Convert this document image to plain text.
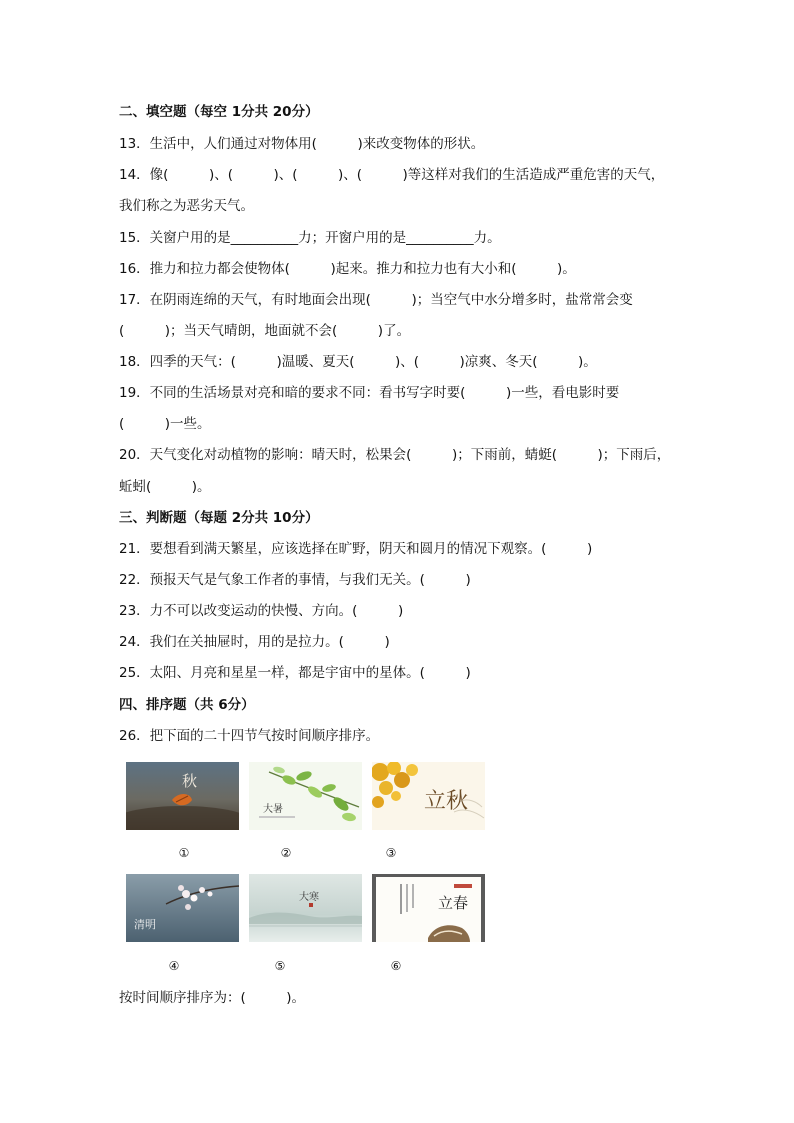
二、填空题（每空 1分共 20分）
13．生活中，人们通过对物体用(　　　)来改变物体的形状。
14．像(　　　)、(　　　)、(　　　)、(　　　)等这样对我们的生活造成严重危害的天气，
我们称之为恶劣天气。
15．关窗户用的是__________力；开窗户用的是__________力。
16．推力和拉力都会使物体(　　　)起来。推力和拉力也有大小和(　　　)。
17．在阴雨连绵的天气，有时地面会出现(　　　)；当空气中水分增多时，盐常常会变
(　　　)；当天气晴朗，地面就不会(　　　)了。
18．四季的天气：(　　　)温暖、夏天(　　　)、(　　　)凉爽、冬天(　　　)。
19．不同的生活场景对亮和暗的要求不同：看书写字时要(　　　)一些，看电影时要
(　　　)一些。
20．天气变化对动植物的影响：晴天时，松果会(　　　)；下雨前，蜻蜓(　　　)；下雨后，
蚯蚓(　　　)。
三、判断题（每题 2分共 10分）
21．要想看到满天繁星，应该选择在旷野，阴天和圆月的情况下观察。(　　　)
22．预报天气是气象工作者的事情，与我们无关。(　　　)
23．力不可以改变运动的快慢、方向。(　　　)
24．我们在关抽屉时，用的是拉力。(　　　)
25．太阳、月亮和星星一样，都是宇宙中的星体。(　　　)
四、排序题（共 6分）
26．把下面的二十四节气按时间顺序排序。
秋
大暑	立秋
①	②	③
清明
大寒	立春
④	⑤	⑥
按时间顺序排序为：(　　　)。
